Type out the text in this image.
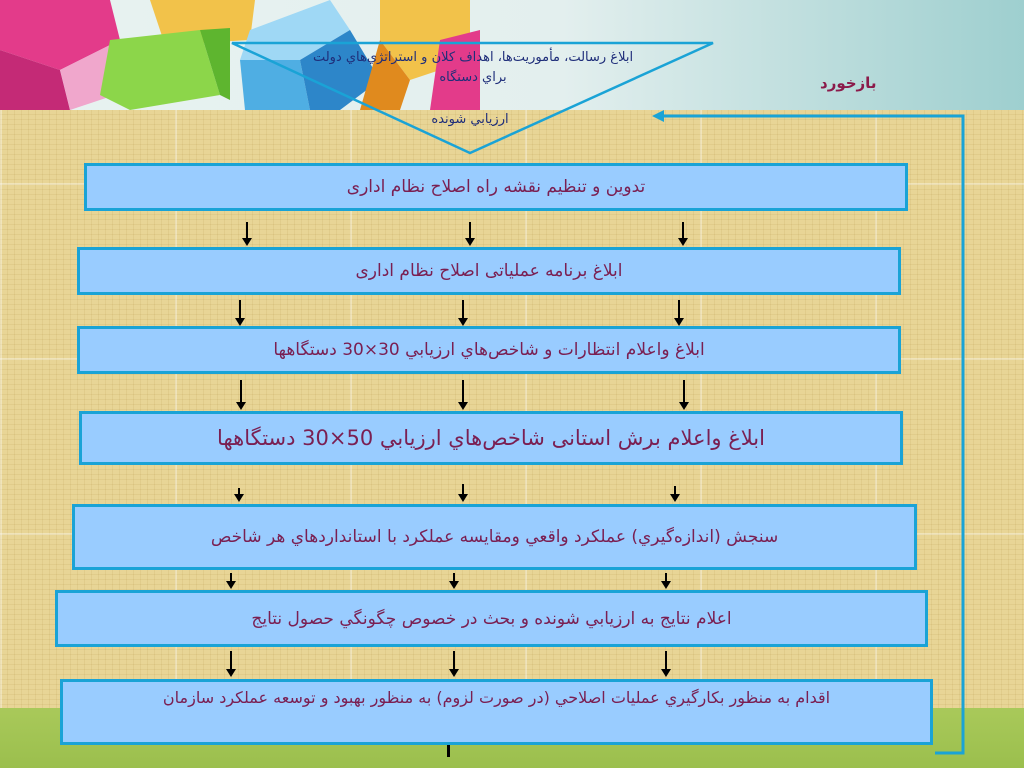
ابلاغ رسالت، مأموريت‌ها، اهداف كلان و استراتژي‌هاي دولت
براي دستگاه
ارزيابي شونده
بازخورد
تدوين و تنظيم نقشه راه اصلاح نظام اداری
ابلاغ برنامه عملياتی اصلاح نظام اداری
ابلاغ واعلام انتظارات و شاخص‌هاي ارزيابي 30×30 دستگاهها
ابلاغ واعلام برش استانی شاخص‌هاي ارزيابي 50×30 دستگاهها
سنجش (اندازه‌گيري) عملكرد واقعي ومقايسه عملكرد با استانداردهاي هر شاخص
اعلام نتايج به ارزيابي شونده و بحث در خصوص چگونگي حصول نتايج
اقدام به منظور بكارگيري عمليات اصلاحي (در صورت لزوم) به منظور بهبود و توسعه عملكرد سازمان
